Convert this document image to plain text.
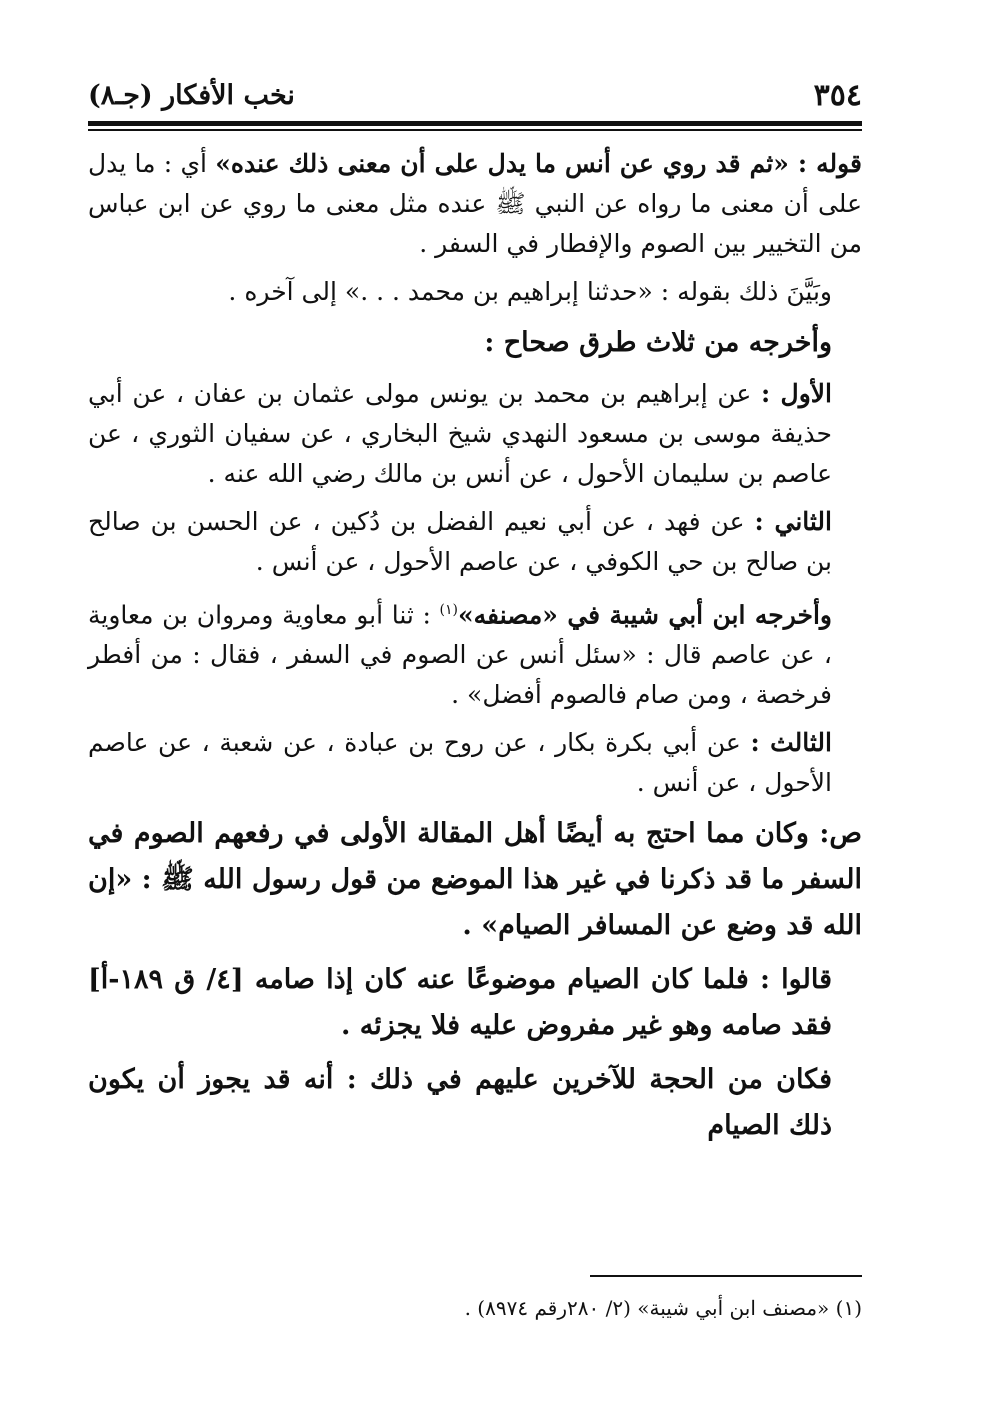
٣٥٤
نخب الأفكار (جـ٨)

قوله : «ثم قد روي عن أنس ما يدل على أن معنى ذلك عنده» أي : ما يدل على أن معنى ما رواه عن النبي ﷺ عنده مثل معنى ما روي عن ابن عباس من التخيير بين الصوم والإفطار في السفر .

وبَيَّنَ ذلك بقوله : «حدثنا إبراهيم بن محمد . . .» إلى آخره .

وأخرجه من ثلاث طرق صحاح :

الأول : عن إبراهيم بن محمد بن يونس مولى عثمان بن عفان ، عن أبي حذيفة موسى بن مسعود النهدي شيخ البخاري ، عن سفيان الثوري ، عن عاصم بن سليمان الأحول ، عن أنس بن مالك رضي الله عنه .

الثاني : عن فهد ، عن أبي نعيم الفضل بن دُكين ، عن الحسن بن صالح بن صالح بن حي الكوفي ، عن عاصم الأحول ، عن أنس .

وأخرجه ابن أبي شيبة في «مصنفه»$^{(١)}$ : ثنا أبو معاوية ومروان بن معاوية ، عن عاصم قال : «سئل أنس عن الصوم في السفر ، فقال : من أفطر فرخصة ، ومن صام فالصوم أفضل» .

الثالث : عن أبي بكرة بكار ، عن روح بن عبادة ، عن شعبة ، عن عاصم الأحول ، عن أنس .

ص: وكان مما احتج به أيضًا أهل المقالة الأولى في رفعهم الصوم في السفر ما قد ذكرنا في غير هذا الموضع من قول رسول الله ﷺ : «إن الله قد وضع عن المسافر الصيام» .

قالوا : فلما كان الصيام موضوعًا عنه كان إذا صامه [٤/ ق ١٨٩-أ] فقد صامه وهو غير مفروض عليه فلا يجزئه .

فكان من الحجة للآخرين عليهم في ذلك : أنه قد يجوز أن يكون ذلك الصيام

(١) «مصنف ابن أبي شيبة» (٢/ ٢٨٠رقم ٨٩٧٤) .
